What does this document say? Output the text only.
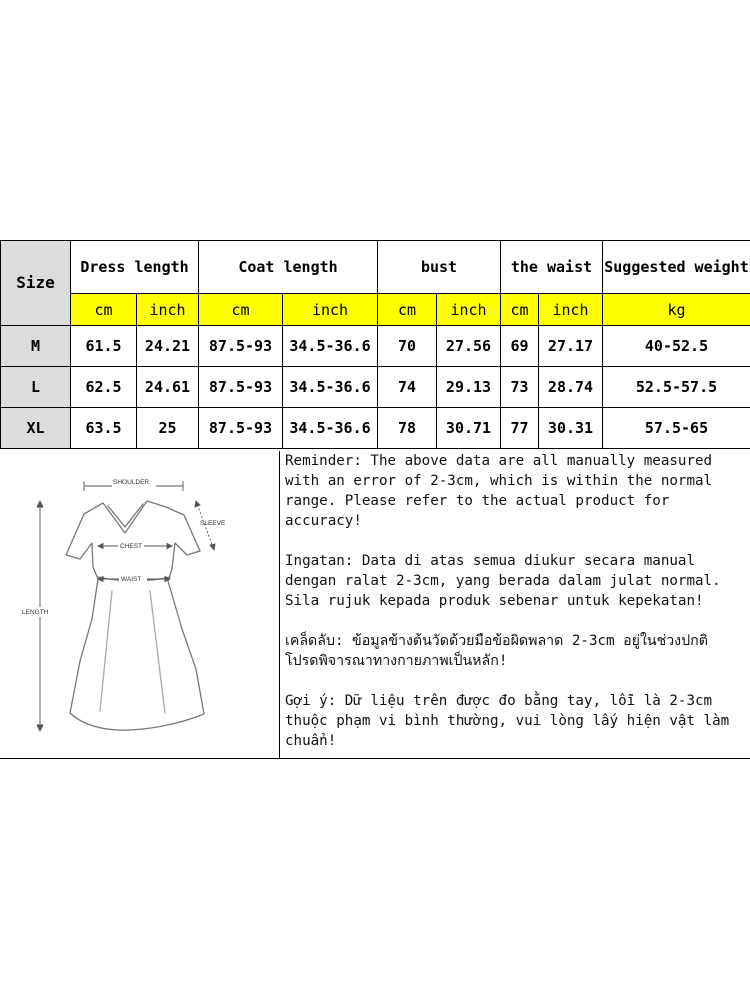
Size	Dress length		Coat length		bust		the waist		Suggested weight
	cm	inch	cm	inch	cm	inch	cm	inch	kg
M	61.5	24.21	87.5-93	34.5-36.6	70	27.56	69	27.17	40-52.5
L	62.5	24.61	87.5-93	34.5-36.6	74	29.13	73	28.74	52.5-57.5
XL	63.5	25	87.5-93	34.5-36.6	78	30.71	77	30.31	57.5-65
SHOULDER
SLEEVE
CHEST
WAIST
LENGTH

Reminder: The above data are all manually measured with an error of 2-3cm, which is within the normal range. Please refer to the actual product for accuracy!

Ingatan: Data di atas semua diukur secara manual dengan ralat 2-3cm, yang berada dalam julat normal. Sila rujuk kepada produk sebenar untuk kepekatan!

เคล็ดลับ: ข้อมูลข้างต้นวัดด้วยมือข้อผิดพลาด 2-3cm อยู่ในช่วงปกติ โปรดพิจารณาทางกายภาพเป็นหลัก!

Gợi ý: Dữ liệu trên được đo bằng tay, lỗi là 2-3cm thuộc phạm vi bình thường, vui lòng lấy hiện vật làm chuẩn!
